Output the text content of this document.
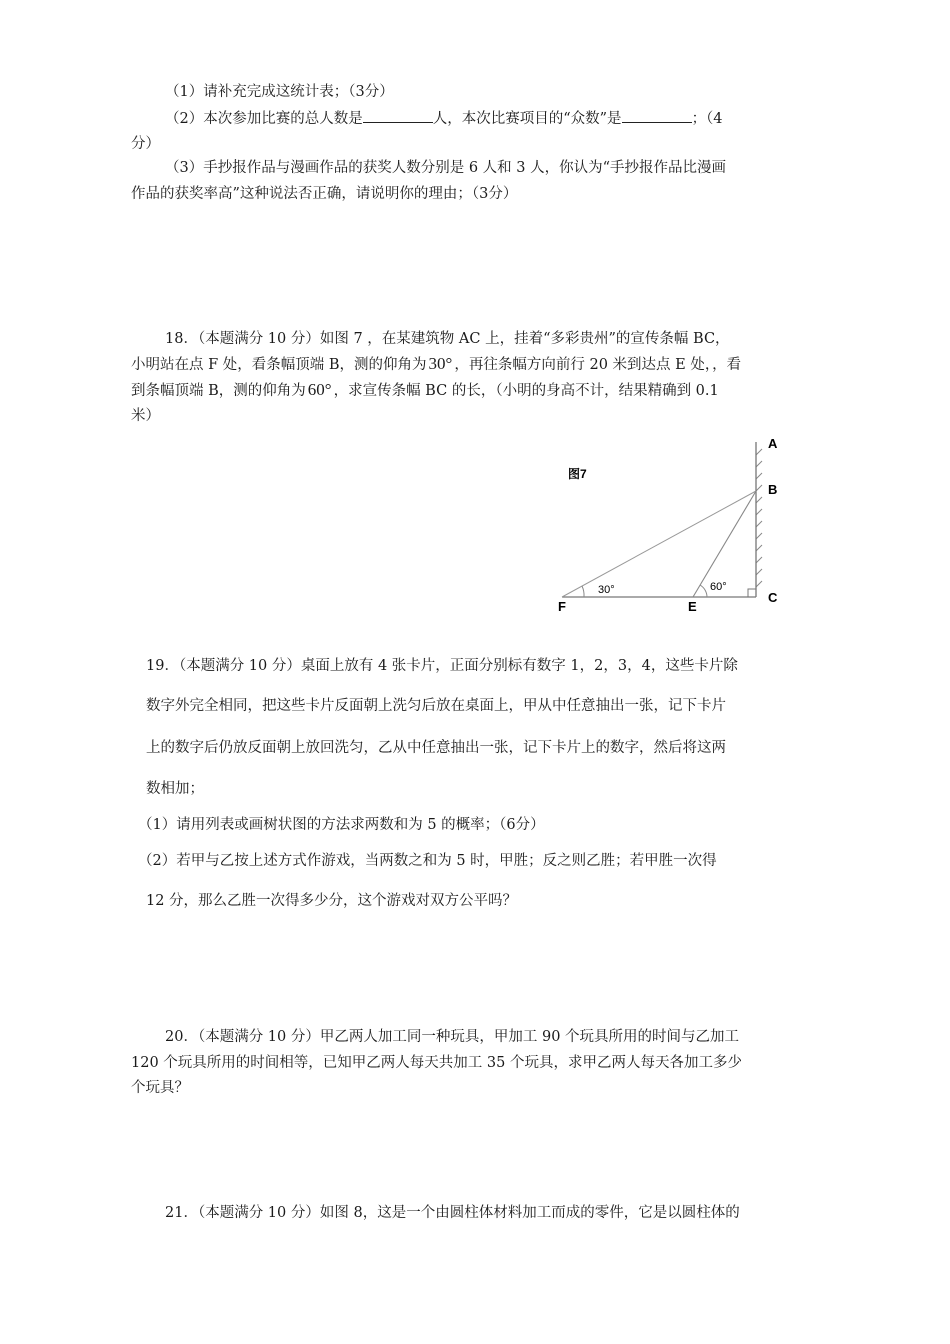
（1）请补充完成这统计表；（3分）
（2）本次参加比赛的总人数是	人，本次比赛项目的“众数”是	；（4
分）
（3）手抄报作品与漫画作品的获奖人数分别是 6 人和 3 人，你认为“手抄报作品比漫画
作品的获奖率高”这种说法否正确，请说明你的理由；（3分）
18．（本题满分 10 分）如图 7 ，在某建筑物 AC 上，挂着“多彩贵州”的宣传条幅 BC，
小明站在点 F 处，看条幅顶端 B，测的仰角为 30° ，再往条幅方向前行 20 米到达点 E 处，，看
到条幅顶端 B，测的仰角为 60° ，求宣传条幅 BC 的长，（小明的身高不计，结果精确到 0.1
米）
图7
A
B
C
E
F
30°	60°
19．（本题满分 10 分）桌面上放有 4 张卡片，正面分别标有数字 1，2，3，4，这些卡片除
数字外完全相同，把这些卡片反面朝上洗匀后放在桌面上，甲从中任意抽出一张，记下卡片
上的数字后仍放反面朝上放回洗匀，乙从中任意抽出一张，记下卡片上的数字，然后将这两
数相加；
（1）请用列表或画树状图的方法求两数和为 5 的概率；（6分）
（2）若甲与乙按上述方式作游戏，当两数之和为 5 时，甲胜；反之则乙胜；若甲胜一次得
12 分，那么乙胜一次得多少分，这个游戏对双方公平吗？
20．（本题满分 10 分）甲乙两人加工同一种玩具，甲加工 90 个玩具所用的时间与乙加工
120 个玩具所用的时间相等，已知甲乙两人每天共加工 35 个玩具，求甲乙两人每天各加工多少
个玩具？
21．（本题满分 10 分）如图 8，这是一个由圆柱体材料加工而成的零件，它是以圆柱体的
